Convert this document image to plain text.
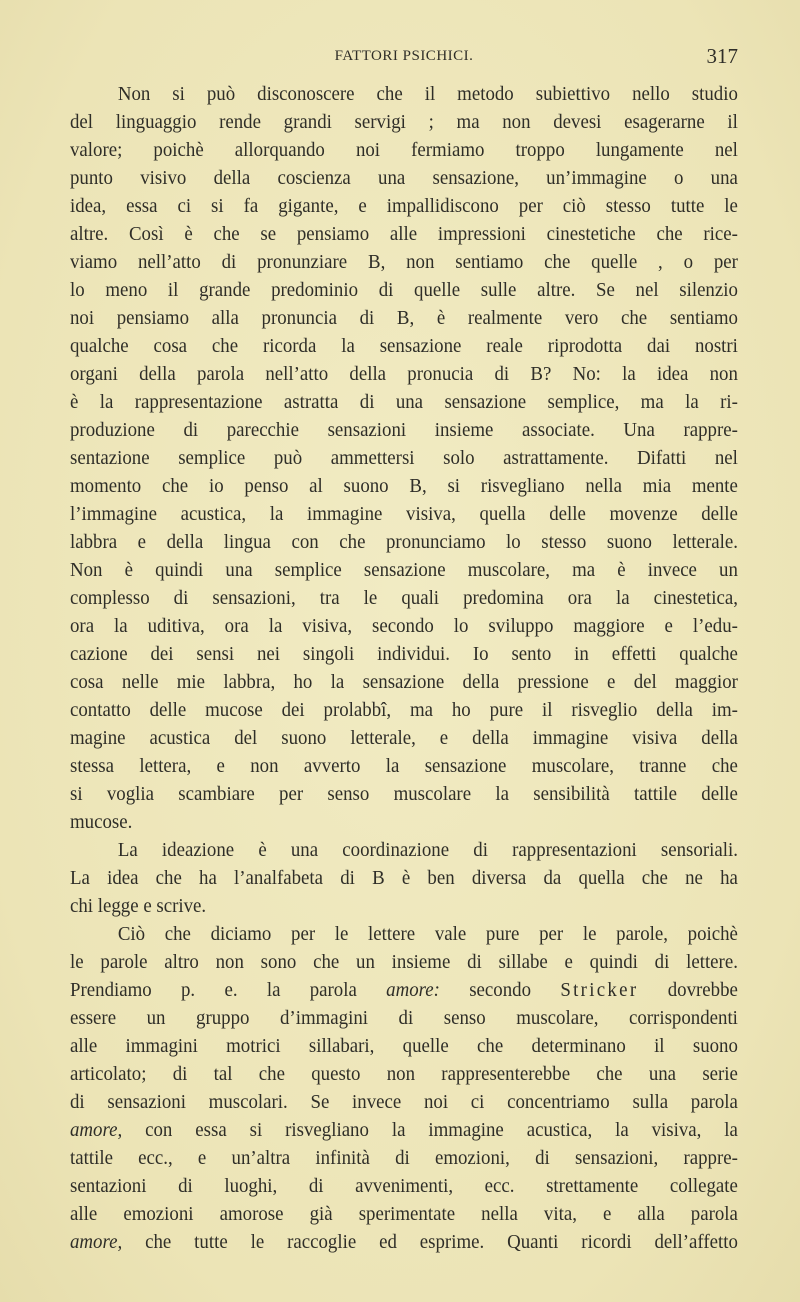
FATTORI PSICHICI.	317
Non si può disconoscere che il metodo subiettivo nello studio
del linguaggio rende grandi servigi ; ma non devesi esagerarne il
valore; poichè allorquando noi fermiamo troppo lungamente nel
punto visivo della coscienza una sensazione, un’immagine o una
idea, essa ci si fa gigante, e impallidiscono per ciò stesso tutte le
altre. Così è che se pensiamo alle impressioni cinestetiche che rice-
viamo nell’atto di pronunziare B, non sentiamo che quelle , o per
lo meno il grande predominio di quelle sulle altre. Se nel silenzio
noi pensiamo alla pronuncia di B, è realmente vero che sentiamo
qualche cosa che ricorda la sensazione reale riprodotta dai nostri
organi della parola nell’atto della pronucia di B? No: la idea non
è la rappresentazione astratta di una sensazione semplice, ma la ri-
produzione di parecchie sensazioni insieme associate. Una rappre-
sentazione semplice può ammettersi solo astrattamente. Difatti nel
momento che io penso al suono B, si risvegliano nella mia mente
l’immagine acustica, la immagine visiva, quella delle movenze delle
labbra e della lingua con che pronunciamo lo stesso suono letterale.
Non è quindi una semplice sensazione muscolare, ma è invece un
complesso di sensazioni, tra le quali predomina ora la cinestetica,
ora la uditiva, ora la visiva, secondo lo sviluppo maggiore e l’edu-
cazione dei sensi nei singoli individui. Io sento in effetti qualche
cosa nelle mie labbra, ho la sensazione della pressione e del maggior
contatto delle mucose dei prolabbî, ma ho pure il risveglio della im-
magine acustica del suono letterale, e della immagine visiva della
stessa lettera, e non avverto la sensazione muscolare, tranne che
si voglia scambiare per senso muscolare la sensibilità tattile delle
mucose.
La ideazione è una coordinazione di rappresentazioni sensoriali.
La idea che ha l’analfabeta di B è ben diversa da quella che ne ha
chi legge e scrive.
Ciò che diciamo per le lettere vale pure per le parole, poichè
le parole altro non sono che un insieme di sillabe e quindi di lettere.
Prendiamo p. e. la parola amore: secondo Stricker dovrebbe
essere un gruppo d’immagini di senso muscolare, corrispondenti
alle immagini motrici sillabari, quelle che determinano il suono
articolato; di tal che questo non rappresenterebbe che una serie
di sensazioni muscolari. Se invece noi ci concentriamo sulla parola
amore, con essa si risvegliano la immagine acustica, la visiva, la
tattile ecc., e un’altra infinità di emozioni, di sensazioni, rappre-
sentazioni di luoghi, di avvenimenti, ecc. strettamente collegate
alle emozioni amorose già sperimentate nella vita, e alla parola
amore, che tutte le raccoglie ed esprime. Quanti ricordi dell’affetto
